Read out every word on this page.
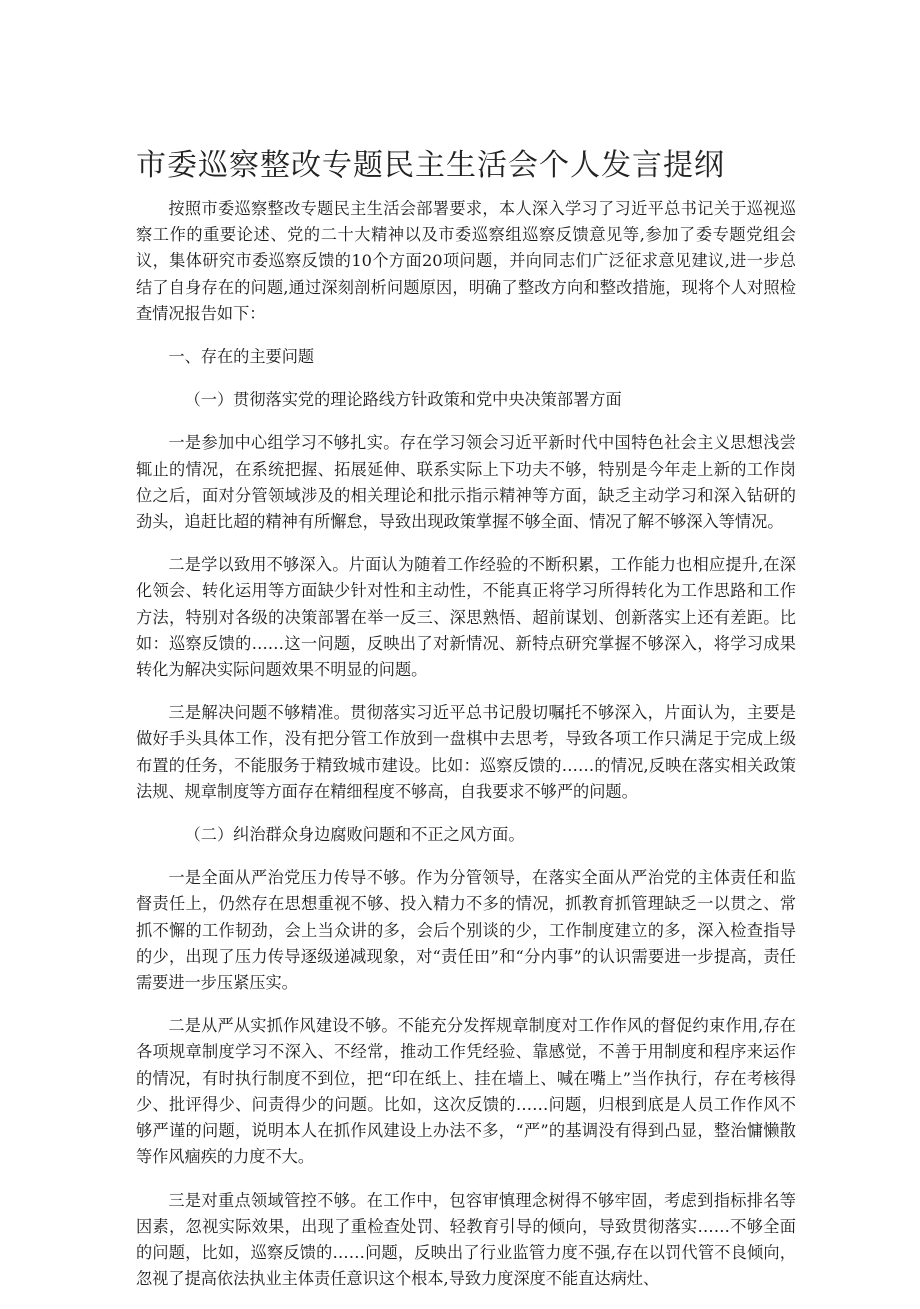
市委巡察整改专题民主生活会个人发言提纲

按照市委巡察整改专题民主生活会部署要求，本人深入学习了习近平总书记关于巡视巡察工作的重要论述、党的二十大精神以及市委巡察组巡察反馈意见等,参加了委专题党组会议，集体研究市委巡察反馈的10个方面20项问题，并向同志们广泛征求意见建议,进一步总结了自身存在的问题,通过深刻剖析问题原因，明确了整改方向和整改措施，现将个人对照检查情况报告如下：

一、存在的主要问题

（一）贯彻落实党的理论路线方针政策和党中央决策部署方面

一是参加中心组学习不够扎实。存在学习领会习近平新时代中国特色社会主义思想浅尝辄止的情况，在系统把握、拓展延伸、联系实际上下功夫不够，特别是今年走上新的工作岗位之后，面对分管领域涉及的相关理论和批示指示精神等方面，缺乏主动学习和深入钻研的劲头，追赶比超的精神有所懈怠，导致出现政策掌握不够全面、情况了解不够深入等情况。

二是学以致用不够深入。片面认为随着工作经验的不断积累，工作能力也相应提升,在深化领会、转化运用等方面缺少针对性和主动性，不能真正将学习所得转化为工作思路和工作方法，特别对各级的决策部署在举一反三、深思熟悟、超前谋划、创新落实上还有差距。比如：巡察反馈的……这一问题，反映出了对新情况、新特点研究掌握不够深入，将学习成果转化为解决实际问题效果不明显的问题。

三是解决问题不够精准。贯彻落实习近平总书记殷切嘱托不够深入，片面认为，主要是做好手头具体工作，没有把分管工作放到一盘棋中去思考，导致各项工作只满足于完成上级布置的任务，不能服务于精致城市建设。比如：巡察反馈的……的情况,反映在落实相关政策法规、规章制度等方面存在精细程度不够高，自我要求不够严的问题。

（二）纠治群众身边腐败问题和不正之风方面。

一是全面从严治党压力传导不够。作为分管领导，在落实全面从严治党的主体责任和监督责任上，仍然存在思想重视不够、投入精力不多的情况，抓教育抓管理缺乏一以贯之、常抓不懈的工作韧劲，会上当众讲的多，会后个别谈的少，工作制度建立的多，深入检查指导的少，出现了压力传导逐级递减现象，对“责任田”和“分内事”的认识需要进一步提高，责任需要进一步压紧压实。

二是从严从实抓作风建设不够。不能充分发挥规章制度对工作作风的督促约束作用,存在各项规章制度学习不深入、不经常，推动工作凭经验、靠感觉，不善于用制度和程序来运作的情况，有时执行制度不到位，把“印在纸上、挂在墙上、喊在嘴上”当作执行，存在考核得少、批评得少、问责得少的问题。比如，这次反馈的……问题，归根到底是人员工作作风不够严谨的问题，说明本人在抓作风建设上办法不多，“严”的基调没有得到凸显，整治慵懒散等作风痼疾的力度不大。

三是对重点领域管控不够。在工作中，包容审慎理念树得不够牢固，考虑到指标排名等因素，忽视实际效果，出现了重检查处罚、轻教育引导的倾向，导致贯彻落实……不够全面的问题，比如，巡察反馈的……问题，反映出了行业监管力度不强,存在以罚代管不良倾向，忽视了提高依法执业主体责任意识这个根本,导致力度深度不能直达病灶、
